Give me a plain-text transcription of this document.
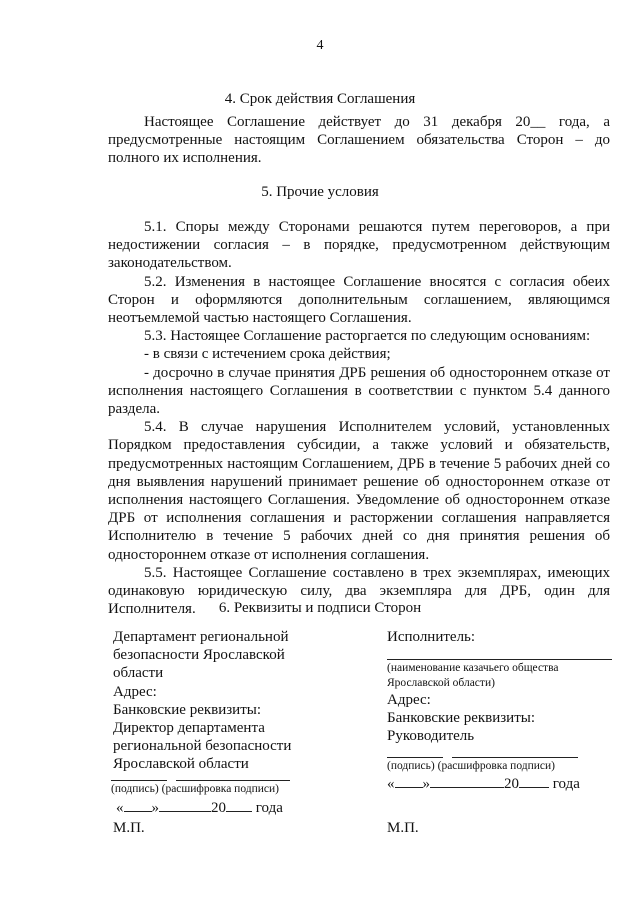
4
4. Срок действия Соглашения

Настоящее Соглашение действует до 31 декабря 20__ года, а предусмотренные настоящим Соглашением обязательства Сторон – до полного их исполнения.

5. Прочие условия

5.1. Споры между Сторонами решаются путем переговоров, а при недостижении согласия – в порядке, предусмотренном действующим законодательством.

5.2. Изменения в настоящее Соглашение вносятся с согласия обеих Сторон и оформляются дополнительным соглашением, являющимся неотъемлемой частью настоящего Соглашения.

5.3. Настоящее Соглашение расторгается по следующим основаниям:

- в связи с истечением срока действия;

- досрочно в случае принятия ДРБ решения об одностороннем отказе от исполнения настоящего Соглашения в соответствии с пунктом 5.4 данного раздела.

5.4. В случае нарушения Исполнителем условий, установленных Порядком предоставления субсидии, а также условий и обязательств, предусмотренных настоящим Соглашением, ДРБ в течение 5 рабочих дней со дня выявления нарушений принимает решение об одностороннем отказе от исполнения настоящего Соглашения. Уведомление об одностороннем отказе ДРБ от исполнения соглашения и расторжении соглашения направляется Исполнителю в течение 5 рабочих дней со дня принятия решения об одностороннем отказе от исполнения соглашения.

5.5. Настоящее Соглашение составлено в трех экземплярах, имеющих одинаковую юридическую силу, два экземпляра для ДРБ, один для Исполнителя.	6. Реквизиты и подписи Сторон
Департамент региональной
безопасности Ярославской
области
Адрес:
Банковские реквизиты:
Директор департамента
региональной безопасности
Ярославской области
(подпись) (расшифровка подписи)
« »	20 года
М.П.
Исполнитель:
(наименование казачьего общества
Ярославской области)
Адрес:
Банковские реквизиты:
Руководитель
(подпись) (расшифровка подписи)
« »	20 года
М.П.
